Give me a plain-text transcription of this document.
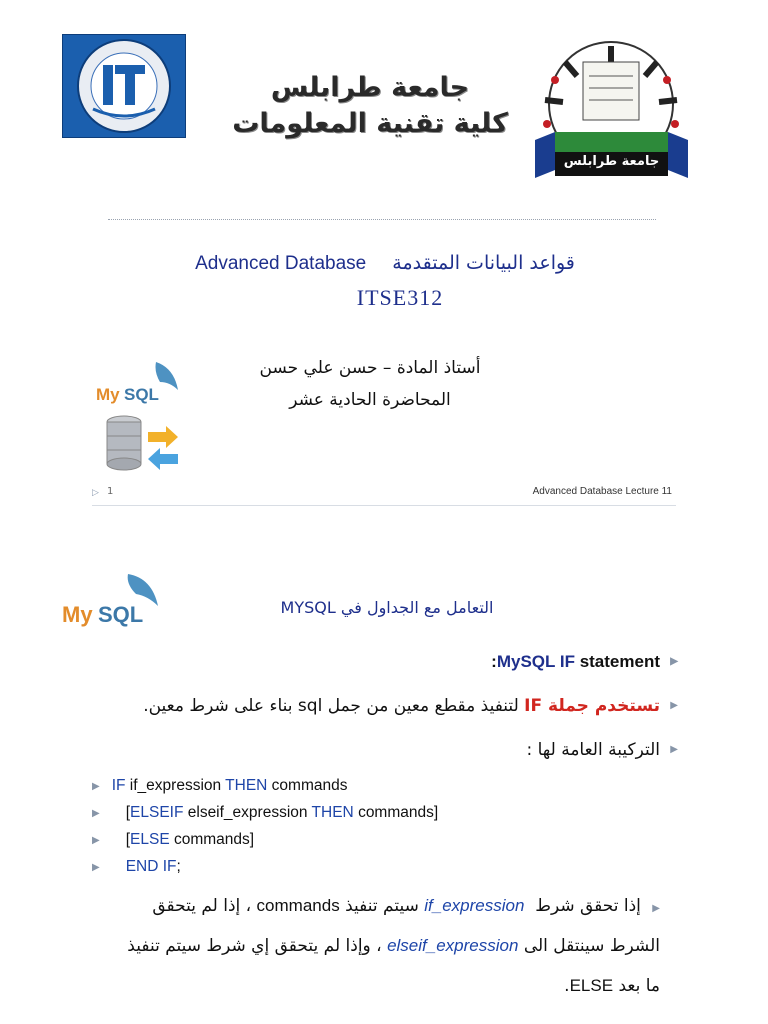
جامعة طرابلس
كلية تقنية المعلومات
جامعة طرابلس
Advanced Database قواعد البيانات المتقدمة
ITSE312
أستاذ المادة – حسن علي حسن
المحاضرة الحادية عشر
My SQL
▷ 1	Advanced Database Lecture 11
My SQL	التعامل مع الجداول في MYSQL
▶
:MySQL IF statement
▶
تستخدم جملة IF لتنفيذ مقطع معين من جمل sql بناء على شرط معين.
▶
التركيبة العامة لها :
▶ IF if_expression THEN commands
▶ [ELSEIF elseif_expression THEN commands]
▶ [ELSE commands]
▶ END IF;
▶ إذا تحقق شرط  if_expression سيتم تنفيذ commands ، إذا لم يتحقق
الشرط سينتقل الى elseif_expression ، وإذا لم يتحقق إي شرط سيتم تنفيذ
ما بعد ELSE.
